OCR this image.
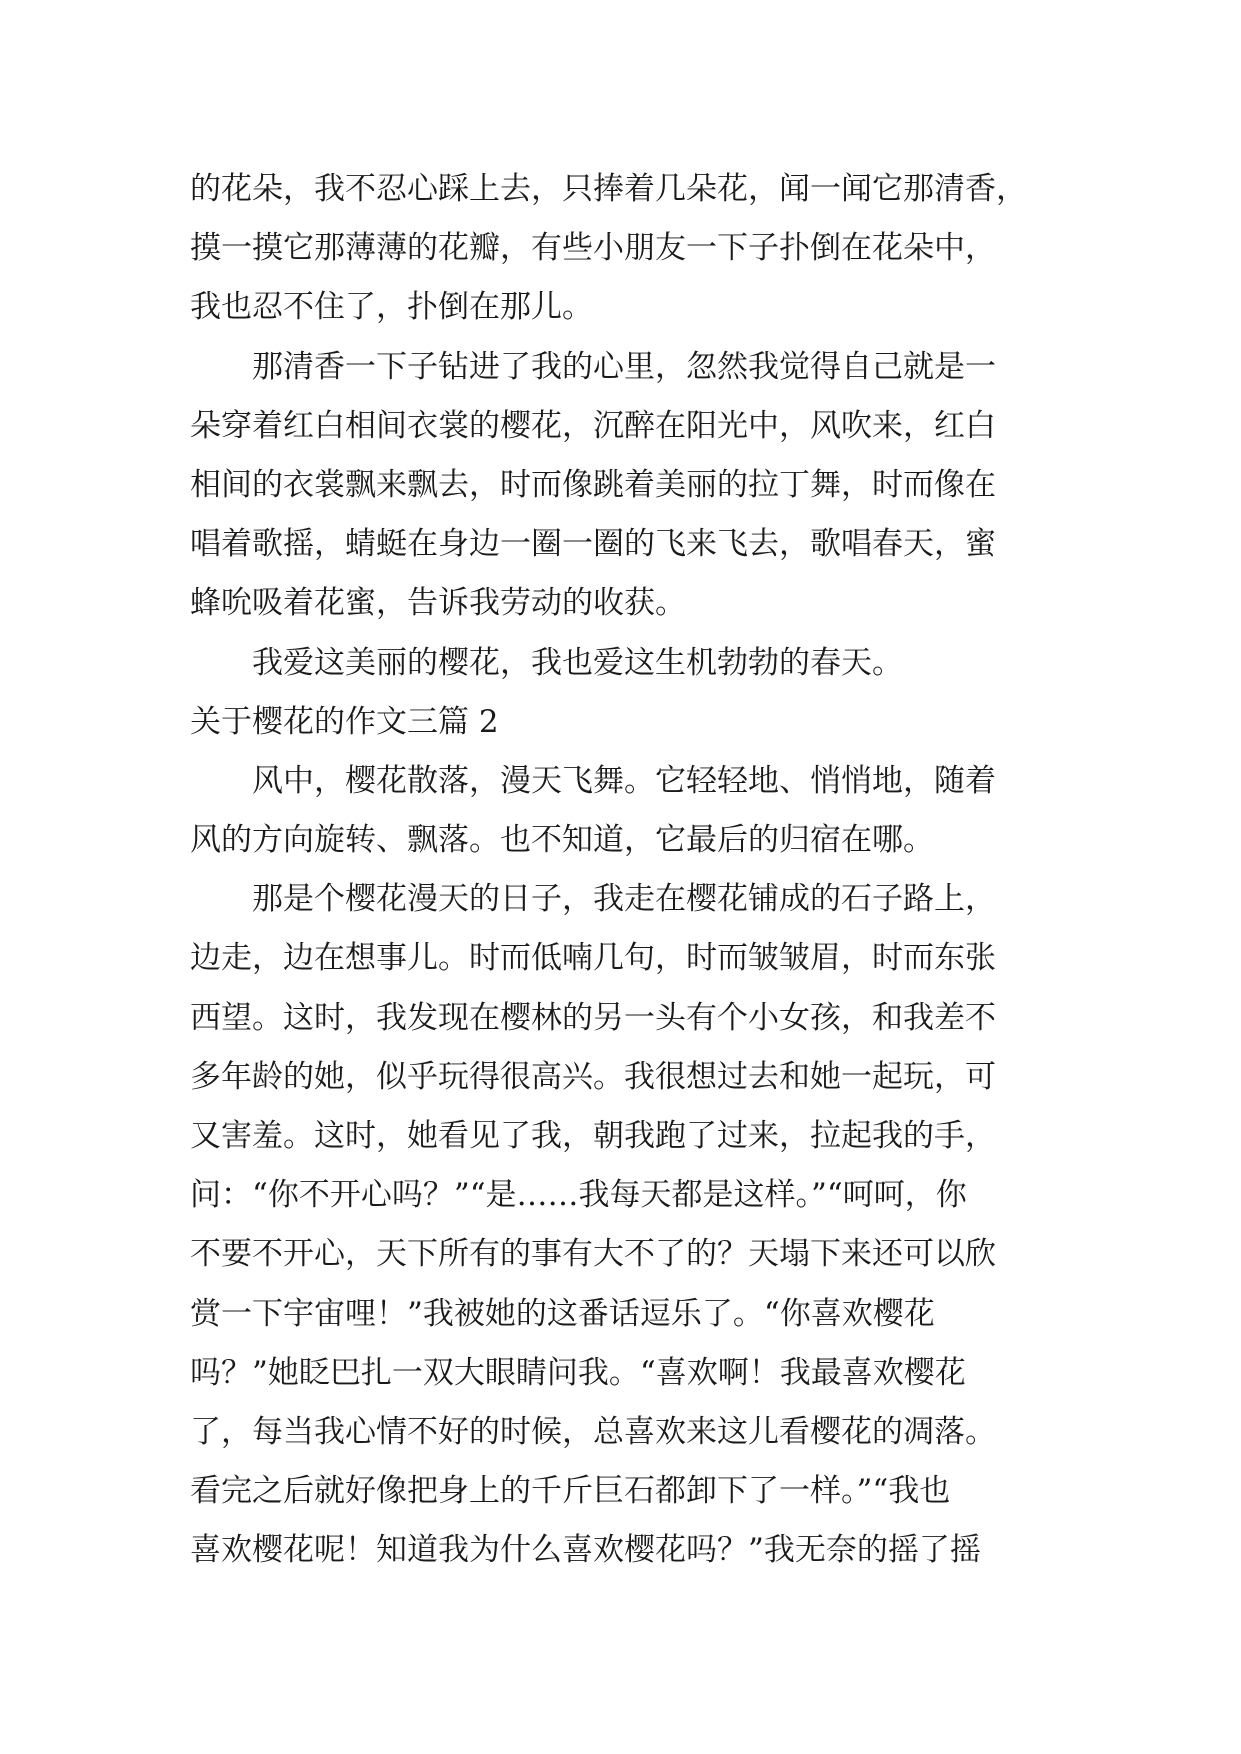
的花朵，我不忍心踩上去，只捧着几朵花，闻一闻它那清香，
摸一摸它那薄薄的花瓣，有些小朋友一下子扑倒在花朵中，
我也忍不住了，扑倒在那儿。
那清香一下子钻进了我的心里，忽然我觉得自己就是一
朵穿着红白相间衣裳的樱花，沉醉在阳光中，风吹来，红白
相间的衣裳飘来飘去，时而像跳着美丽的拉丁舞，时而像在
唱着歌摇，蜻蜓在身边一圈一圈的飞来飞去，歌唱春天，蜜
蜂吮吸着花蜜，告诉我劳动的收获。
我爱这美丽的樱花，我也爱这生机勃勃的春天。
关于樱花的作文三篇 2
风中，樱花散落，漫天飞舞。它轻轻地、悄悄地，随着
风的方向旋转、飘落。也不知道，它最后的归宿在哪。
那是个樱花漫天的日子，我走在樱花铺成的石子路上，
边走，边在想事儿。时而低喃几句，时而皱皱眉，时而东张
西望。这时，我发现在樱林的另一头有个小女孩，和我差不
多年龄的她，似乎玩得很高兴。我很想过去和她一起玩，可
又害羞。这时，她看见了我，朝我跑了过来，拉起我的手，
问：“你不开心吗？”“是……我每天都是这样。”“呵呵，你
不要不开心，天下所有的事有大不了的？天塌下来还可以欣
赏一下宇宙哩！”我被她的这番话逗乐了。“你喜欢樱花
吗？”她眨巴扎一双大眼睛问我。“喜欢啊！我最喜欢樱花
了，每当我心情不好的时候，总喜欢来这儿看樱花的凋落。
看完之后就好像把身上的千斤巨石都卸下了一样。”“我也
喜欢樱花呢！知道我为什么喜欢樱花吗？”我无奈的摇了摇
